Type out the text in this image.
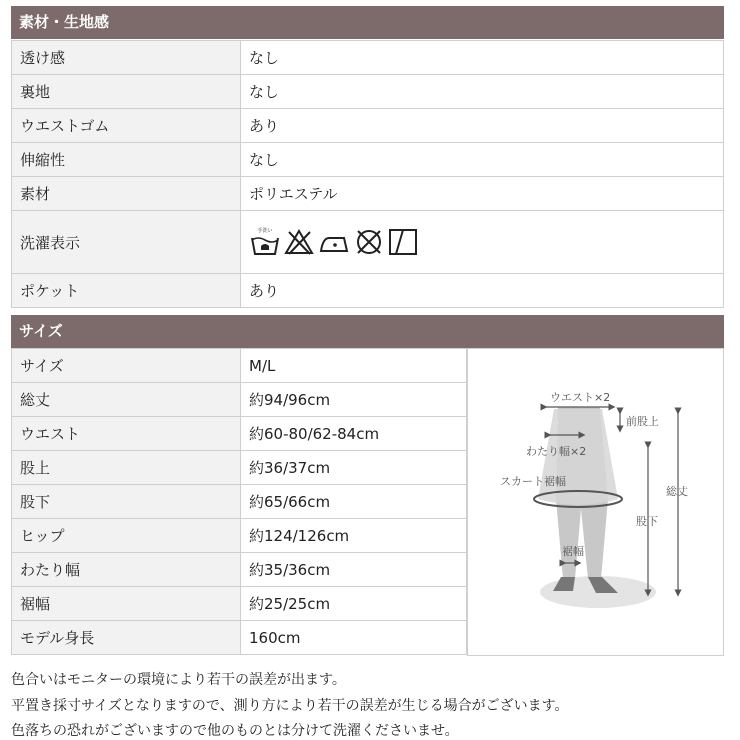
素材・生地感
透け感	なし
裏地	なし
ウエストゴム	あり
伸縮性	なし
素材	ポリエステル
洗濯表示	手洗い

ポケット	あり
サイズ
サイズ	M/L
総丈	約94/96cm
ウエスト	約60-80/62-84cm
股上	約36/37cm
股下	約65/66cm
ヒップ	約124/126cm
わたり幅	約35/36cm
裾幅	約25/25cm
モデル身長	160cm
ウエスト×2
前股上
わたり幅×2
スカート裾幅
総丈
股下
裾幅
色合いはモニターの環境により若干の誤差が出ます。
平置き採寸サイズとなりますので、測り方により若干の誤差が生じる場合がございます。
色落ちの恐れがございますので他のものとは分けて洗濯くださいませ。
